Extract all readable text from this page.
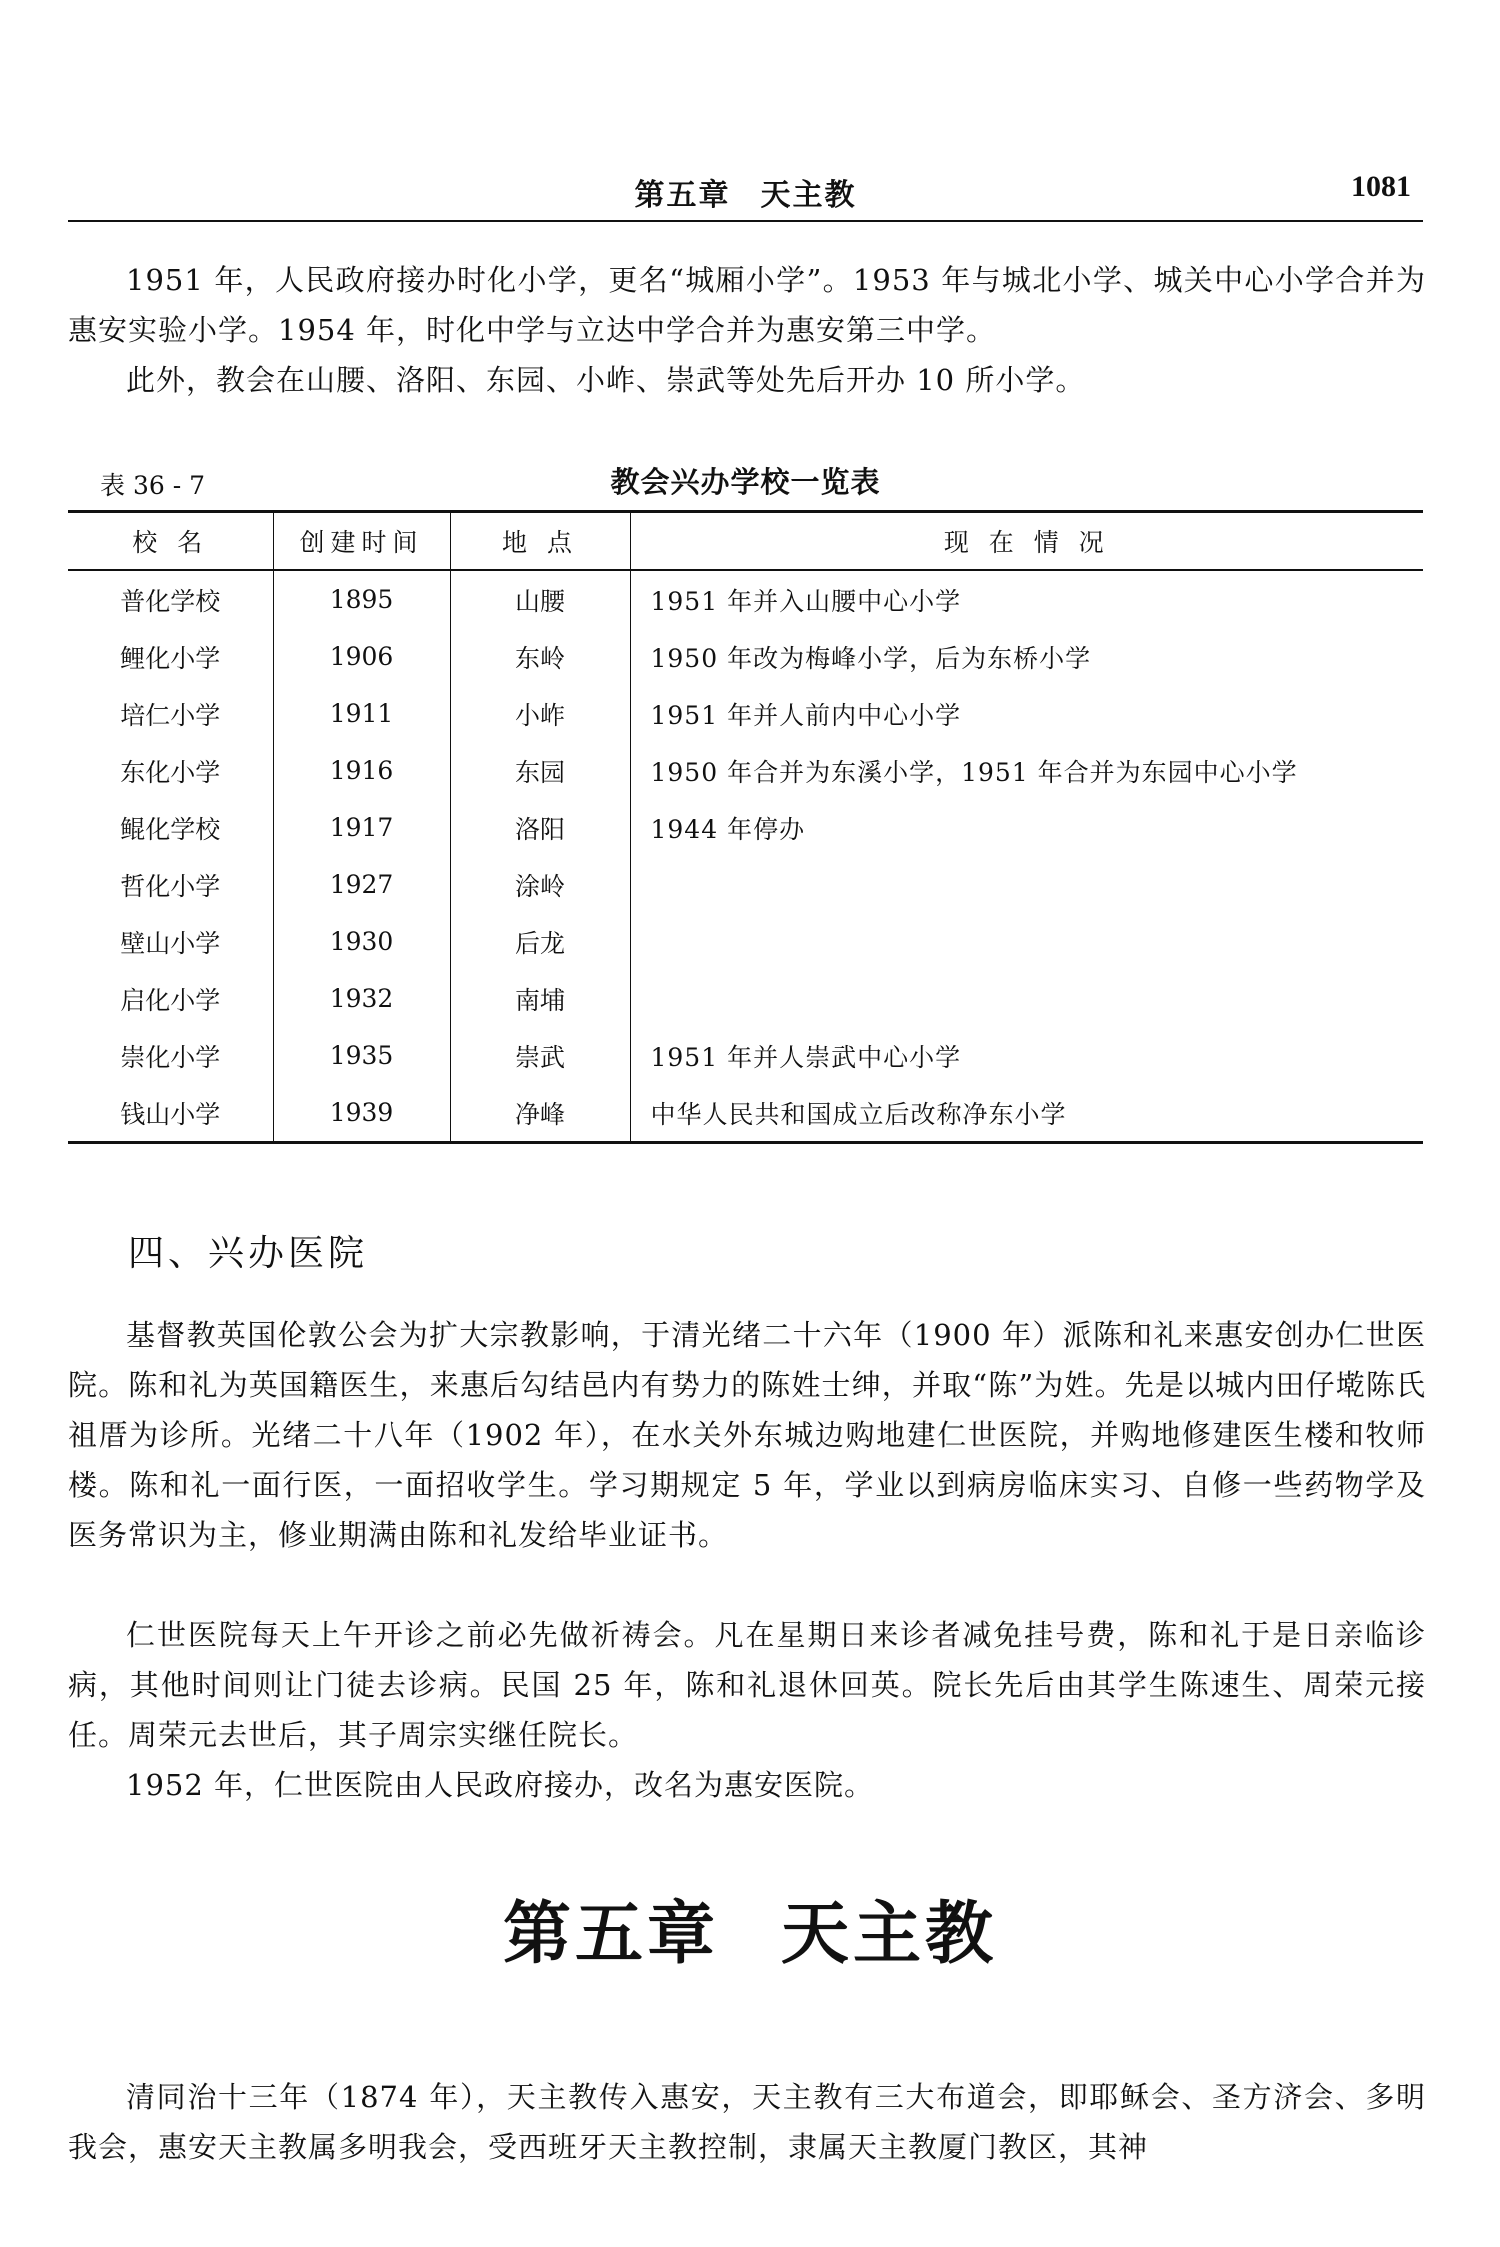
第五章 天主教	1081

1951 年，人民政府接办时化小学，更名“城厢小学”。1953 年与城北小学、城关中心小学合并为惠安实验小学。1954 年，时化中学与立达中学合并为惠安第三中学。

此外，教会在山腰、洛阳、东园、小岞、崇武等处先后开办 10 所小学。

表 36 - 7	教会兴办学校一览表
校 名	创建时间	地 点	现 在 情 况
普化学校	1895	山腰	1951 年并入山腰中心小学
鲤化小学	1906	东岭	1950 年改为梅峰小学，后为东桥小学
培仁小学	1911	小岞	1951 年并人前内中心小学
东化小学	1916	东园	1950 年合并为东溪小学，1951 年合并为东园中心小学
鲲化学校	1917	洛阳	1944 年停办
哲化小学	1927	涂岭	
壁山小学	1930	后龙	
启化小学	1932	南埔	
崇化小学	1935	崇武	1951 年并人崇武中心小学
钱山小学	1939	净峰	中华人民共和国成立后改称净东小学
四、兴办医院

基督教英国伦敦公会为扩大宗教影响，于清光绪二十六年（1900 年）派陈和礼来惠安创办仁世医院。陈和礼为英国籍医生，来惠后勾结邑内有势力的陈姓士绅，并取“陈”为姓。先是以城内田仔墘陈氏祖厝为诊所。光绪二十八年（1902 年），在水关外东城边购地建仁世医院，并购地修建医生楼和牧师楼。陈和礼一面行医，一面招收学生。学习期规定 5 年，学业以到病房临床实习、自修一些药物学及医务常识为主，修业期满由陈和礼发给毕业证书。

仁世医院每天上午开诊之前必先做祈祷会。凡在星期日来诊者减免挂号费，陈和礼于是日亲临诊病，其他时间则让门徒去诊病。民国 25 年，陈和礼退休回英。院长先后由其学生陈速生、周荣元接任。周荣元去世后，其子周宗实继任院长。

1952 年，仁世医院由人民政府接办，改名为惠安医院。

第五章 天主教

清同治十三年（1874 年），天主教传入惠安，天主教有三大布道会，即耶稣会、圣方济会、多明我会，惠安天主教属多明我会，受西班牙天主教控制，隶属天主教厦门教区，其神
